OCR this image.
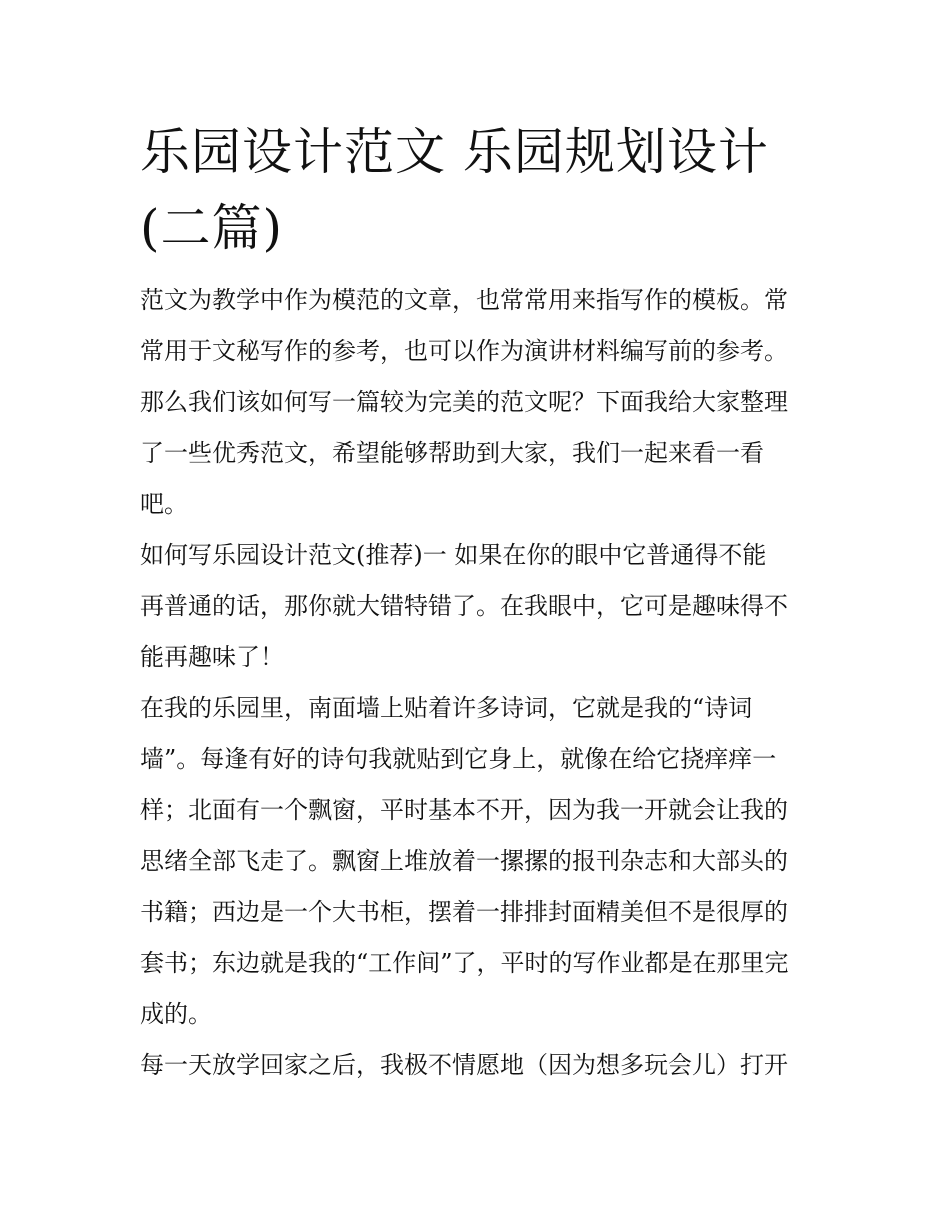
乐园设计范文 乐园规划设计
(二篇)
范文为教学中作为模范的文章，也常常用来指写作的模板。常
常用于文秘写作的参考，也可以作为演讲材料编写前的参考。
那么我们该如何写一篇较为完美的范文呢？下面我给大家整理
了一些优秀范文，希望能够帮助到大家，我们一起来看一看
吧。
如何写乐园设计范文(推荐)一 如果在你的眼中它普通得不能
再普通的话，那你就大错特错了。在我眼中，它可是趣味得不
能再趣味了！
在我的乐园里，南面墙上贴着许多诗词，它就是我的“诗词
墙”。每逢有好的诗句我就贴到它身上，就像在给它挠痒痒一
样；北面有一个飘窗，平时基本不开，因为我一开就会让我的
思绪全部飞走了。飘窗上堆放着一摞摞的报刊杂志和大部头的
书籍；西边是一个大书柜，摆着一排排封面精美但不是很厚的
套书；东边就是我的“工作间”了，平时的写作业都是在那里完
成的。
每一天放学回家之后，我极不情愿地（因为想多玩会儿）打开
